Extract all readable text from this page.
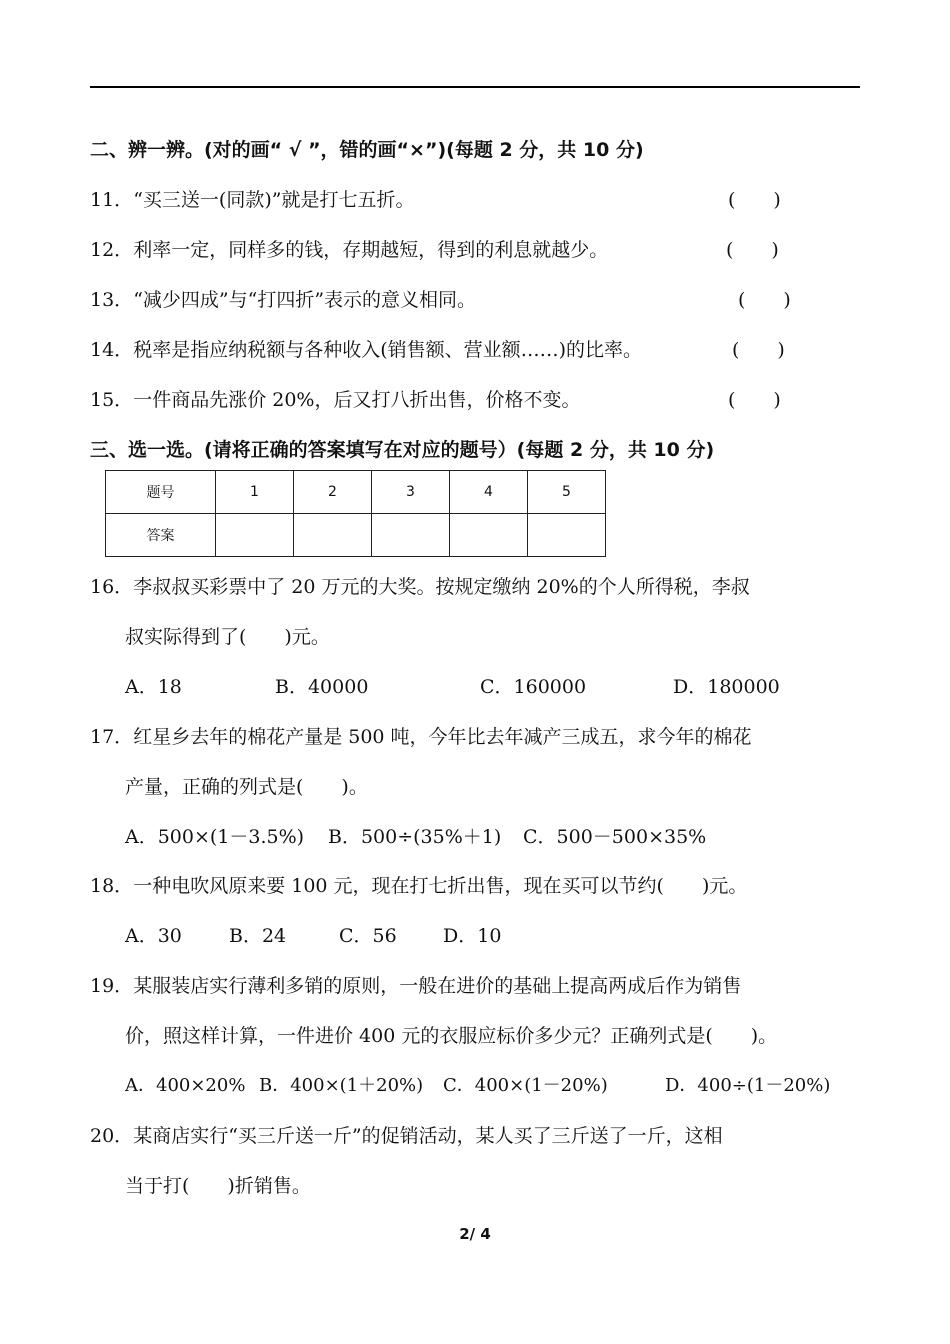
二、辨一辨。(对的画“ √ ”，错的画“×”)(每题 2 分，共 10 分)
11．“买三送一(同款)”就是打七五折。	(　　)
12．利率一定，同样多的钱，存期越短，得到的利息就越少。	(　　)
13．“减少四成”与“打四折”表示的意义相同。	(　　)
14．税率是指应纳税额与各种收入(销售额、营业额……)的比率。	(　　)
15．一件商品先涨价 20%，后又打八折出售，价格不变。	(　　)
三、选一选。(请将正确的答案填写在对应的题号）(每题 2 分，共 10 分)
题号	1	2	3	4	5
答案					
16．李叔叔买彩票中了 20 万元的大奖。按规定缴纳 20%的个人所得税，李叔
叔实际得到了(　　)元。
A．18	B．40000	C．160000	D．180000
17．红星乡去年的棉花产量是 500 吨，今年比去年减产三成五，求今年的棉花
产量，正确的列式是(　　)。
A．500×(1－3.5%) B．500÷(35%＋1) C．500－500×35%
18．一种电吹风原来要 100 元，现在打七折出售，现在买可以节约(　　)元。
A．30 B．24	C．56 D．10
19．某服装店实行薄利多销的原则，一般在进价的基础上提高两成后作为销售
价，照这样计算，一件进价 400 元的衣服应标价多少元？正确列式是(　　)。
A．400×20% B．400×(1＋20%) C．400×(1－20%)	D．400÷(1－20%)
20．某商店实行“买三斤送一斤”的促销活动，某人买了三斤送了一斤，这相
当于打(　　)折销售。
2/ 4
